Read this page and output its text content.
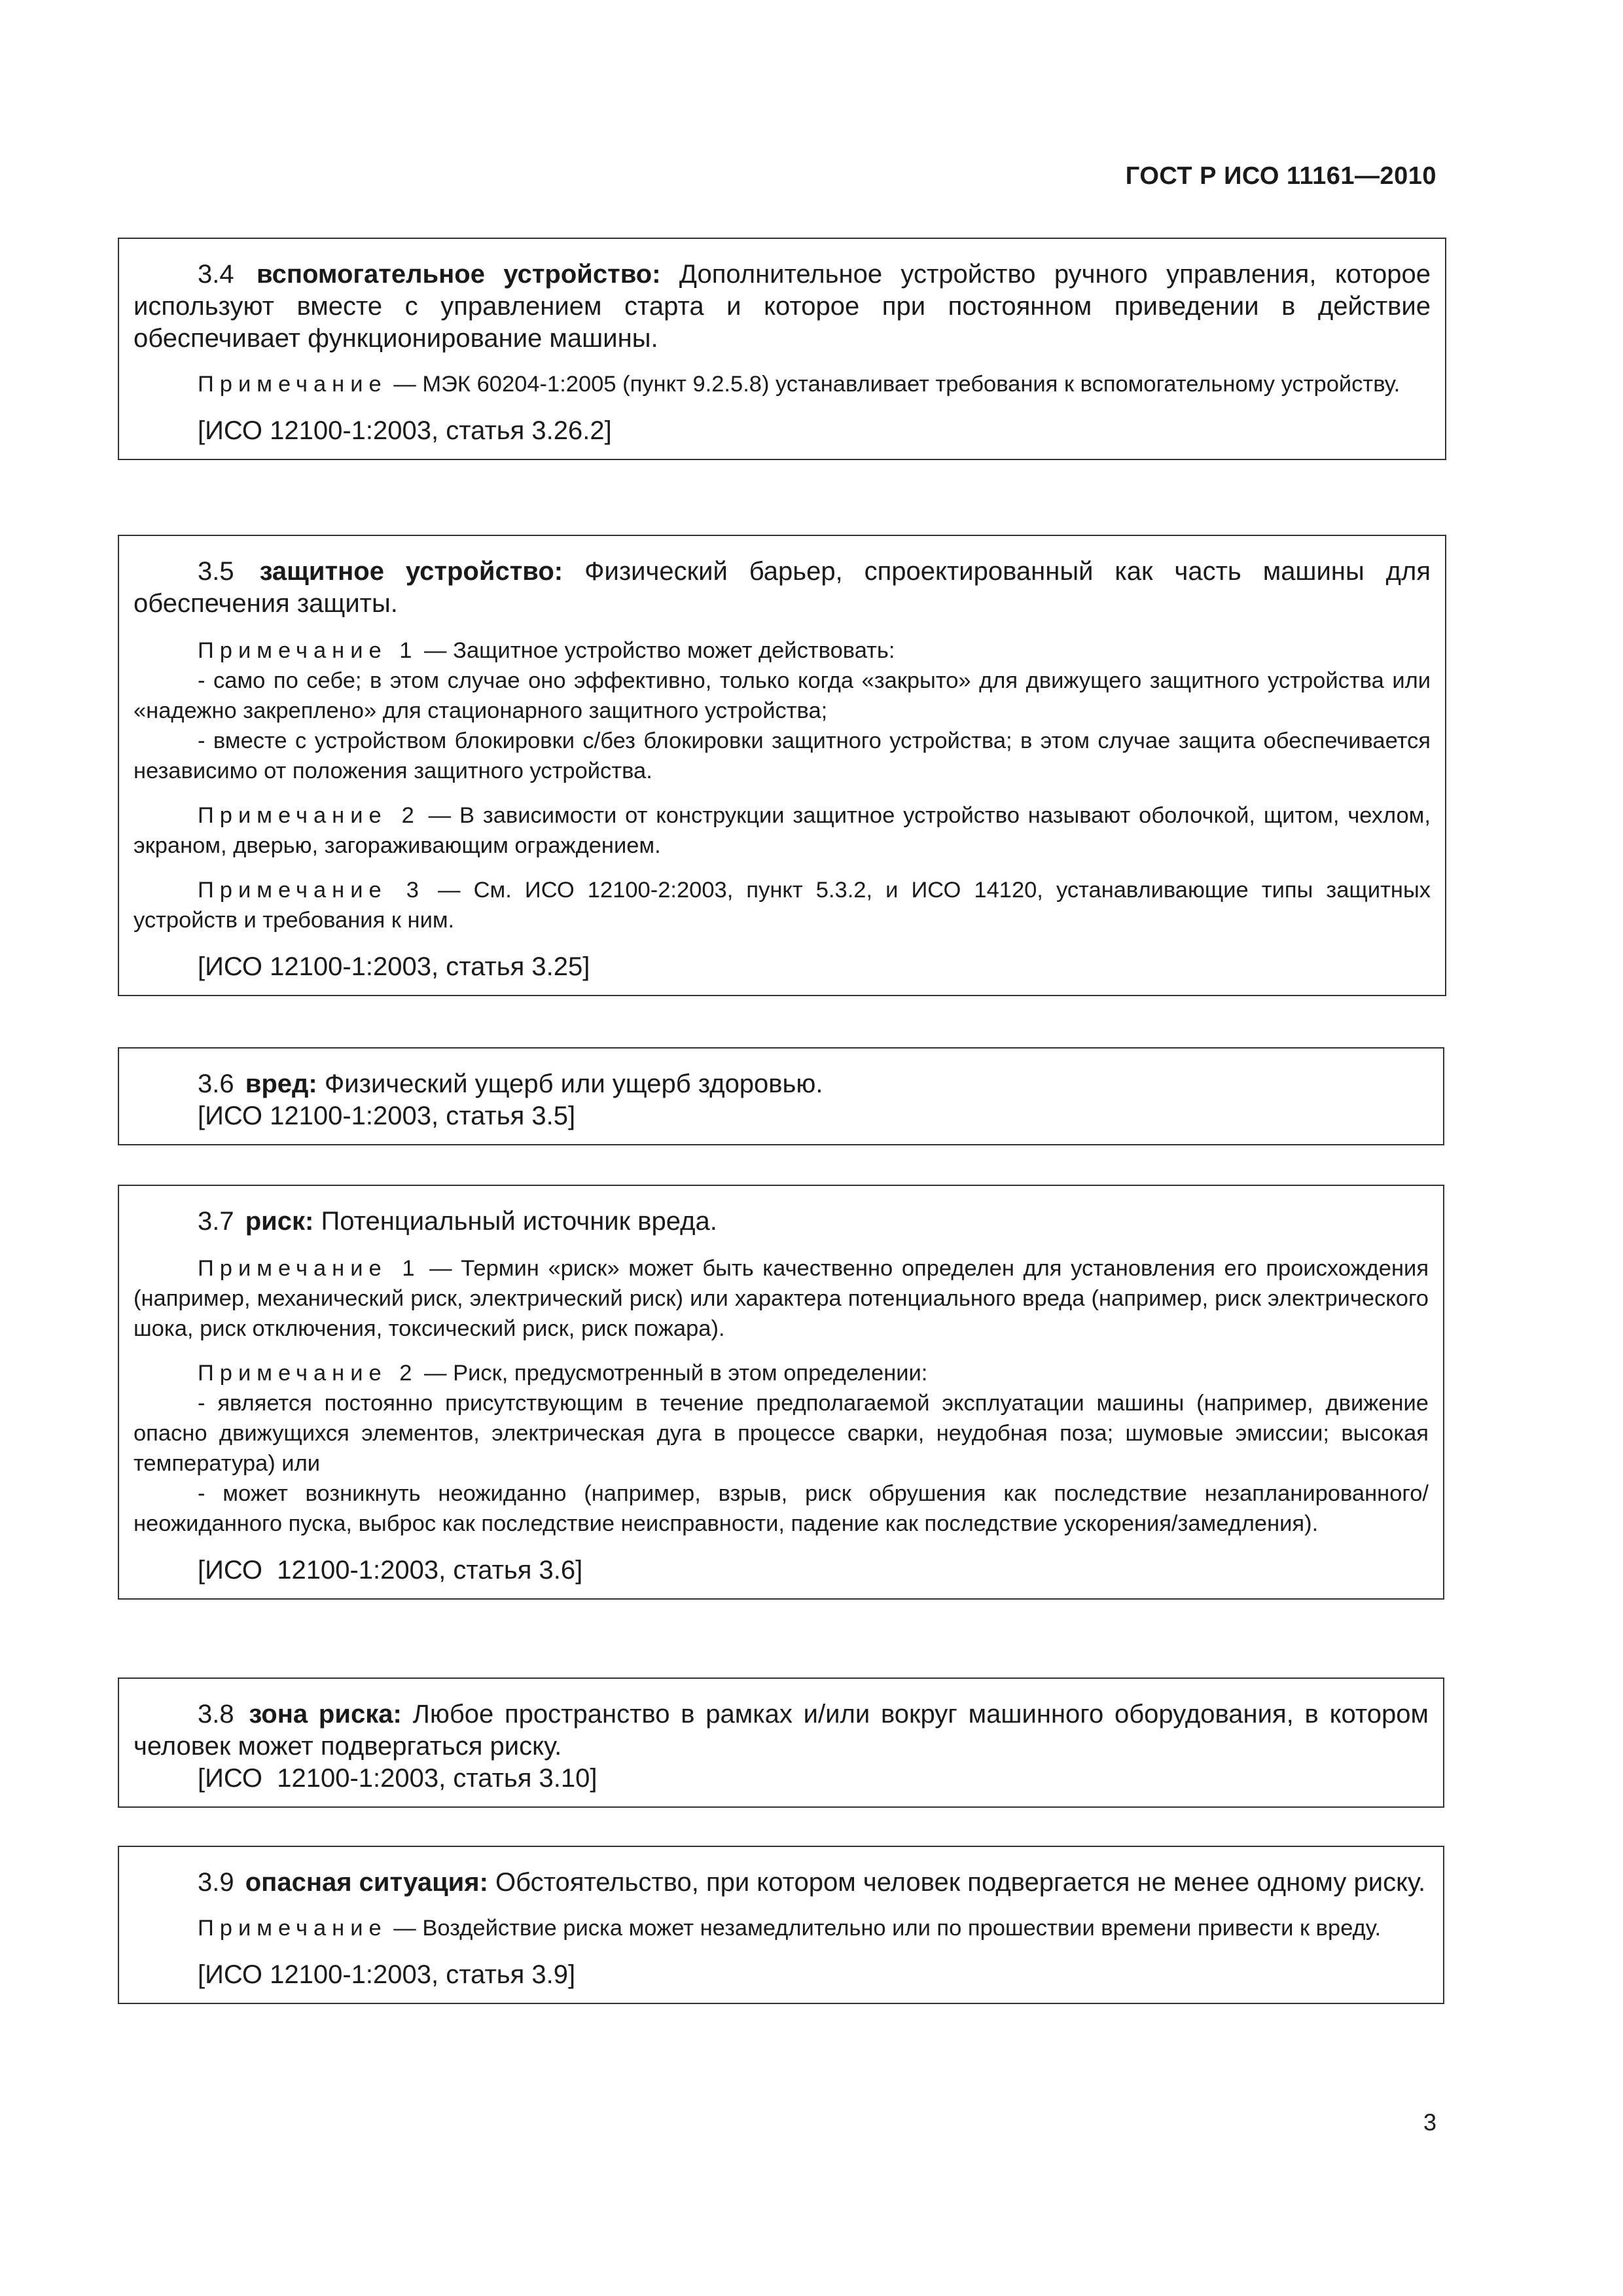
ГОСТ Р ИСО 11161—2010

3.4 вспомогательное устройство: Дополнительное устройство ручного управления, которое используют вместе с управлением старта и которое при постоянном приведении в действие обеспечивает функционирование машины.

Примечание — МЭК 60204-1:2005 (пункт 9.2.5.8) устанавливает требования к вспомогательному устройству.

[ИСО 12100-1:2003, статья 3.26.2]

3.5 защитное устройство: Физический барьер, спроектированный как часть машины для обеспечения защиты.

Примечание 1 — Защитное устройство может действовать:

- само по себе; в этом случае оно эффективно, только когда «закрыто» для движущего защитного устройства или «надежно закреплено» для стационарного защитного устройства;

- вместе с устройством блокировки с/без блокировки защитного устройства; в этом случае защита обеспечивается независимо от положения защитного устройства.

Примечание 2 — В зависимости от конструкции защитное устройство называют оболочкой, щитом, чехлом, экраном, дверью, загораживающим ограждением.

Примечание 3 — См. ИСО 12100-2:2003, пункт 5.3.2, и ИСО 14120, устанавливающие типы защитных устройств и требования к ним.

[ИСО 12100-1:2003, статья 3.25]

3.6 вред: Физический ущерб или ущерб здоровью.

[ИСО 12100-1:2003, статья 3.5]

3.7 риск: Потенциальный источник вреда.

Примечание 1 — Термин «риск» может быть качественно определен для установления его происхождения (например, механический риск, электрический риск) или характера потенциального вреда (например, риск электрического шока, риск отключения, токсический риск, риск пожара).

Примечание 2 — Риск, предусмотренный в этом определении:

- является постоянно присутствующим в течение предполагаемой эксплуатации машины (например, движение опасно движущихся элементов, электрическая дуга в процессе сварки, неудобная поза; шумовые эмиссии; высокая температура) или

- может возникнуть неожиданно (например, взрыв, риск обрушения как последствие незапланированного/неожиданного пуска, выброс как последствие неисправности, падение как последствие ускорения/замедления).

[ИСО  12100-1:2003, статья 3.6]

3.8 зона риска: Любое пространство в рамках и/или вокруг машинного оборудования, в котором человек может подвергаться риску.

[ИСО  12100-1:2003, статья 3.10]

3.9 опасная ситуация: Обстоятельство, при котором человек подвергается не менее одному риску.

Примечание — Воздействие риска может незамедлительно или по прошествии времени привести к вреду.

[ИСО 12100-1:2003, статья 3.9]

3
